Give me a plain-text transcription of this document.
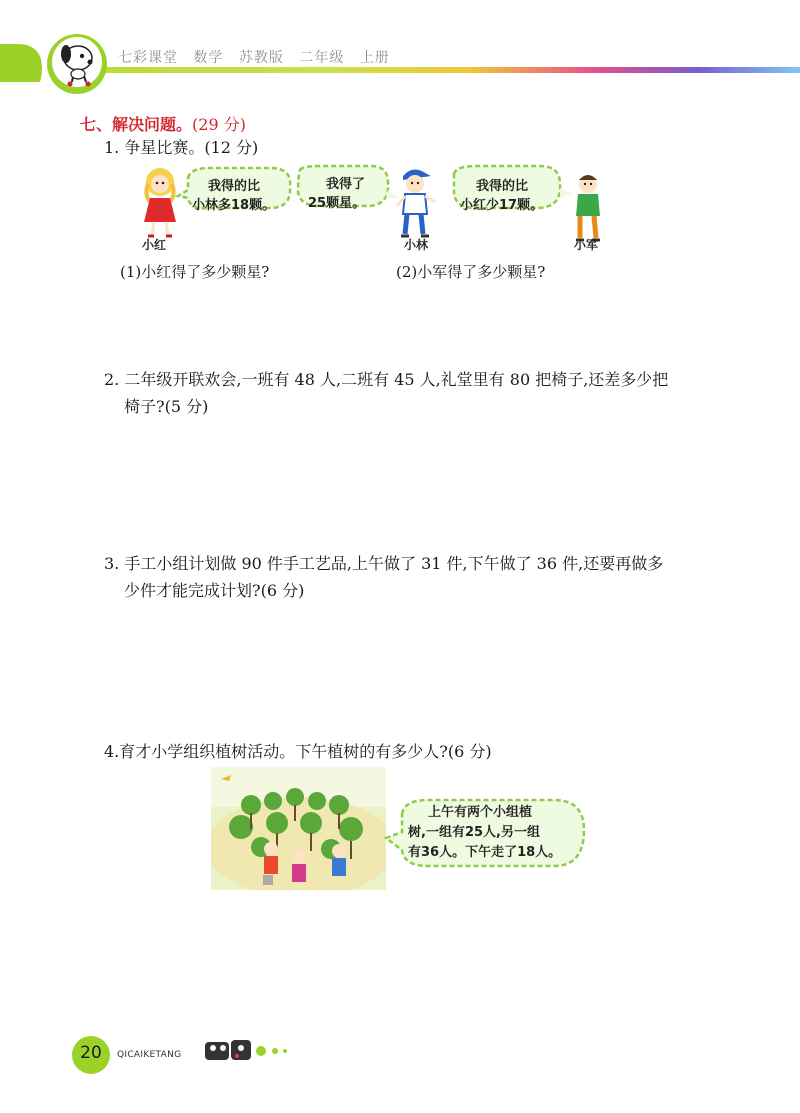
七彩课堂 数学 苏教版 二年级 上册
七、解决问题。(29 分)
1. 争星比赛。(12 分)
我得的比
小林多18颗。
我得了
25颗星。
我得的比
小红少17颗。
小红	小林	小军
(1)小红得了多少颗星?	(2)小军得了多少颗星?
2. 二年级开联欢会,一班有 48 人,二班有 45 人,礼堂里有 80 把椅子,还差多少把
椅子?(5 分)
3. 手工小组计划做 90 件手工艺品,上午做了 31 件,下午做了 36 件,还要再做多
少件才能完成计划?(6 分)
4.育才小学组织植树活动。下午植树的有多少人?(6 分)
上午有两个小组植
树,一组有25人,另一组
有36人。下午走了18人。
20	QICAIKETANG
